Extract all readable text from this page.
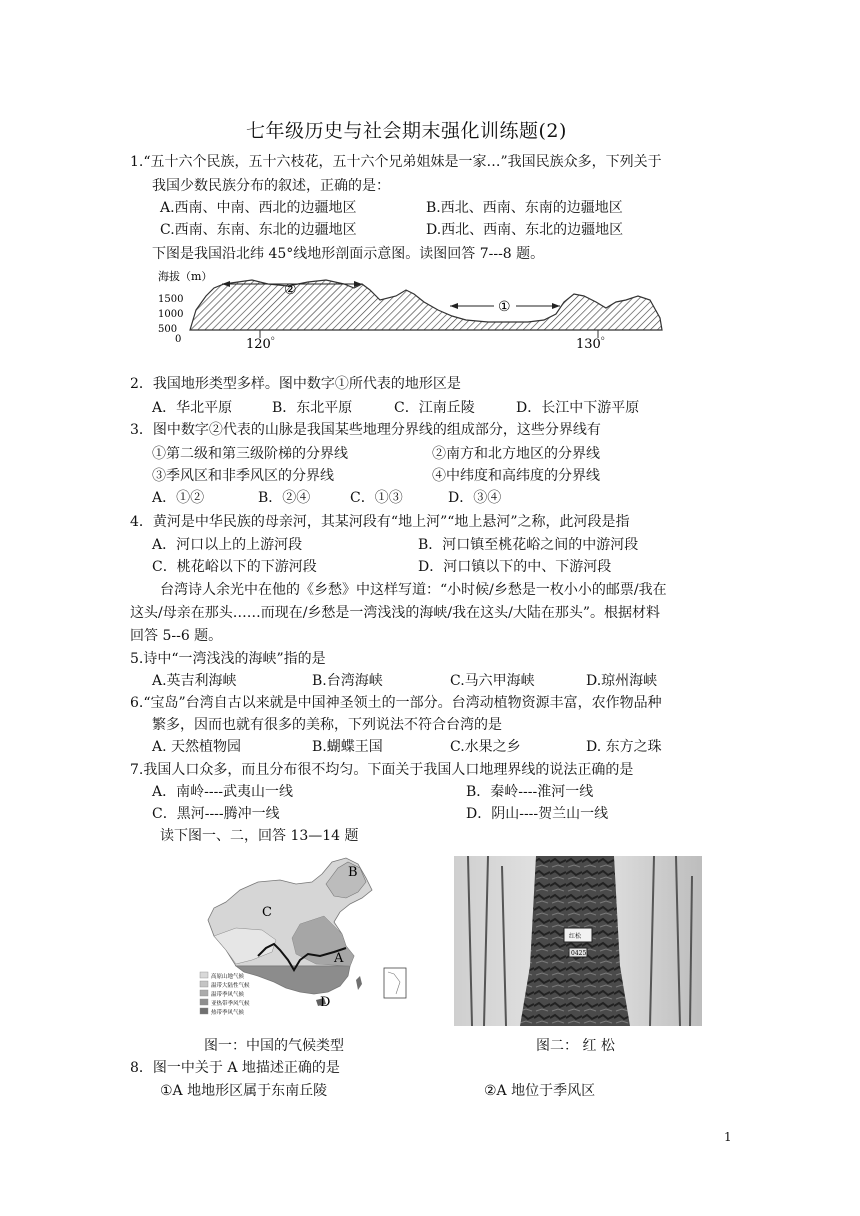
七年级历史与社会期末强化训练题(2)
1.“五十六个民族，五十六枝花，五十六个兄弟姐妹是一家…”我国民族众多，下列关于
我国少数民族分布的叙述，正确的是：
A.西南、中南、西北的边疆地区	B.西北、西南、东南的边疆地区
C.西南、东南、东北的边疆地区	D.西北、西南、东北的边疆地区
下图是我国沿北纬 45°线地形剖面示意图。读图回答 7---8 题。
海拔（m）
1500
1000
500
0	120゜	130゜
②
①
2．我国地形类型多样。图中数字①所代表的地形区是
A．华北平原	B．东北平原	C．江南丘陵	D．长江中下游平原
3．图中数字②代表的山脉是我国某些地理分界线的组成部分，这些分界线有
①第二级和第三级阶梯的分界线	②南方和北方地区的分界线
③季风区和非季风区的分界线	④中纬度和高纬度的分界线
A．①②	B．②④	C．①③	D．③④
4．黄河是中华民族的母亲河，其某河段有“地上河”“地上悬河”之称，此河段是指
A．河口以上的上游河段	B．河口镇至桃花峪之间的中游河段
C．桃花峪以下的下游河段	D．河口镇以下的中、下游河段
台湾诗人余光中在他的《乡愁》中这样写道：“小时候/乡愁是一枚小小的邮票/我在
这头/母亲在那头……而现在/乡愁是一湾浅浅的海峡/我在这头/大陆在那头”。根据材料
回答 5--6 题。
5.诗中“一湾浅浅的海峡”指的是
A.英吉利海峡	B.台湾海峡	C.马六甲海峡	D.琼州海峡
6.“宝岛”台湾自古以来就是中国神圣领土的一部分。台湾动植物资源丰富，农作物品种
繁多，因而也就有很多的美称，下列说法不符合台湾的是
A. 天然植物园	B.蝴蝶王国	C.水果之乡	D. 东方之珠
7.我国人口众多，而且分布很不均匀。下面关于我国人口地理界线的说法正确的是
A．南岭----武夷山一线	B．秦岭----淮河一线
C．黑河----腾冲一线	D．阴山----贺兰山一线
读下图一、二，回答 13—14 题
A
B
C
D
高原山地气候
温带大陆性气候
温带季风气候
亚热带季风气候
热带季风气候
红松
0425
图一：中国的气候类型	图二： 红 松
8．图一中关于 A 地描述正确的是
①A 地地形区属于东南丘陵	②A 地位于季风区
1
